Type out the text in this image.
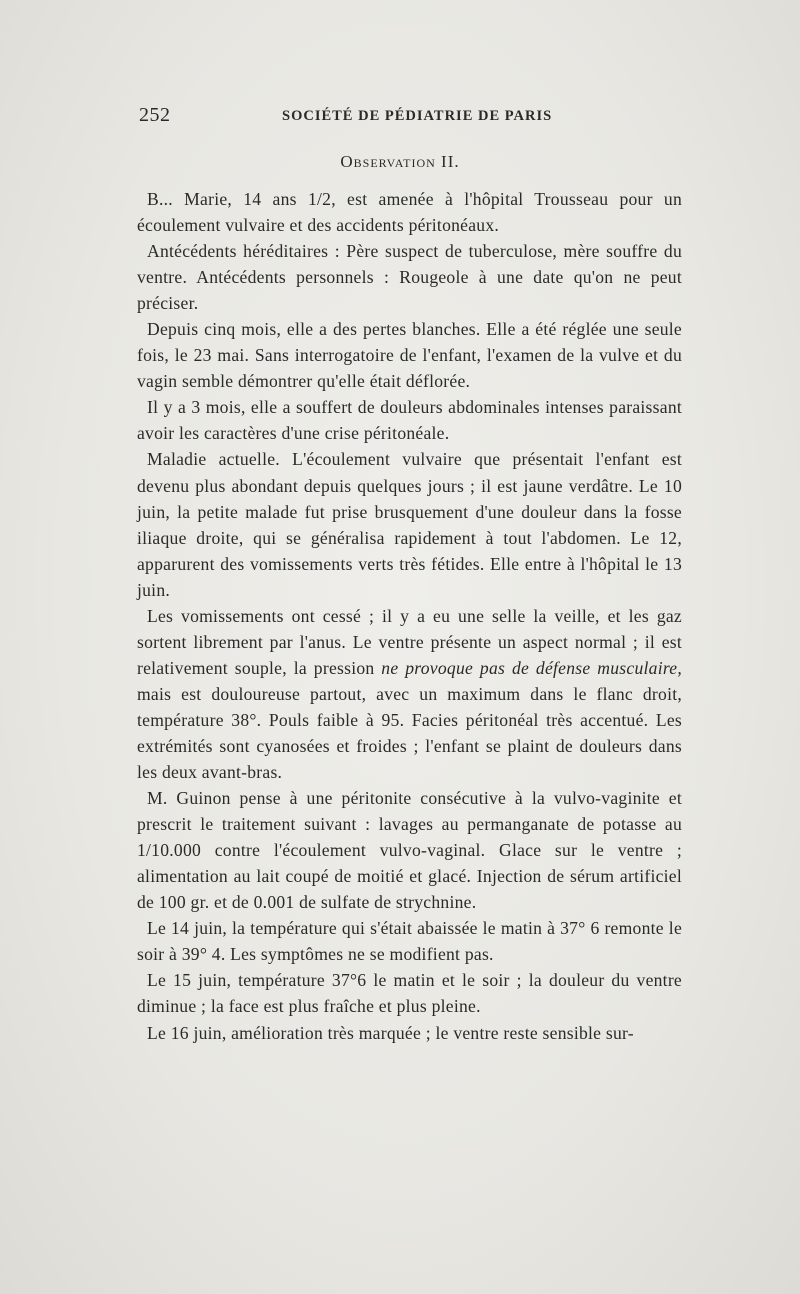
252	SOCIÉTÉ DE PÉDIATRIE DE PARIS
Observation II.

B... Marie, 14 ans 1/2, est amenée à l'hôpital Trousseau pour un écoulement vulvaire et des accidents péritonéaux.

Antécédents héréditaires : Père suspect de tuberculose, mère souffre du ventre. Antécédents personnels : Rougeole à une date qu'on ne peut préciser.

Depuis cinq mois, elle a des pertes blanches. Elle a été réglée une seule fois, le 23 mai. Sans interrogatoire de l'enfant, l'examen de la vulve et du vagin semble démontrer qu'elle était déflorée.

Il y a 3 mois, elle a souffert de douleurs abdominales intenses paraissant avoir les caractères d'une crise péritonéale.

Maladie actuelle. L'écoulement vulvaire que présentait l'enfant est devenu plus abondant depuis quelques jours ; il est jaune verdâtre. Le 10 juin, la petite malade fut prise brusquement d'une douleur dans la fosse iliaque droite, qui se généralisa rapidement à tout l'abdomen. Le 12, apparurent des vomissements verts très fétides. Elle entre à l'hôpital le 13 juin.

Les vomissements ont cessé ; il y a eu une selle la veille, et les gaz sortent librement par l'anus. Le ventre présente un aspect normal ; il est relativement souple, la pression ne provoque pas de défense musculaire, mais est douloureuse partout, avec un maximum dans le flanc droit, température 38°. Pouls faible à 95. Facies péritonéal très accentué. Les extrémités sont cyanosées et froides ; l'enfant se plaint de douleurs dans les deux avant-bras.

M. Guinon pense à une péritonite consécutive à la vulvo-vaginite et prescrit le traitement suivant : lavages au permanganate de potasse au 1/10.000 contre l'écoulement vulvo-vaginal. Glace sur le ventre ; alimentation au lait coupé de moitié et glacé. Injection de sérum artificiel de 100 gr. et de 0.001 de sulfate de strychnine.

Le 14 juin, la température qui s'était abaissée le matin à 37° 6 remonte le soir à 39° 4. Les symptômes ne se modifient pas.

Le 15 juin, température 37°6 le matin et le soir ; la douleur du ventre diminue ; la face est plus fraîche et plus pleine.

Le 16 juin, amélioration très marquée ; le ventre reste sensible sur-
